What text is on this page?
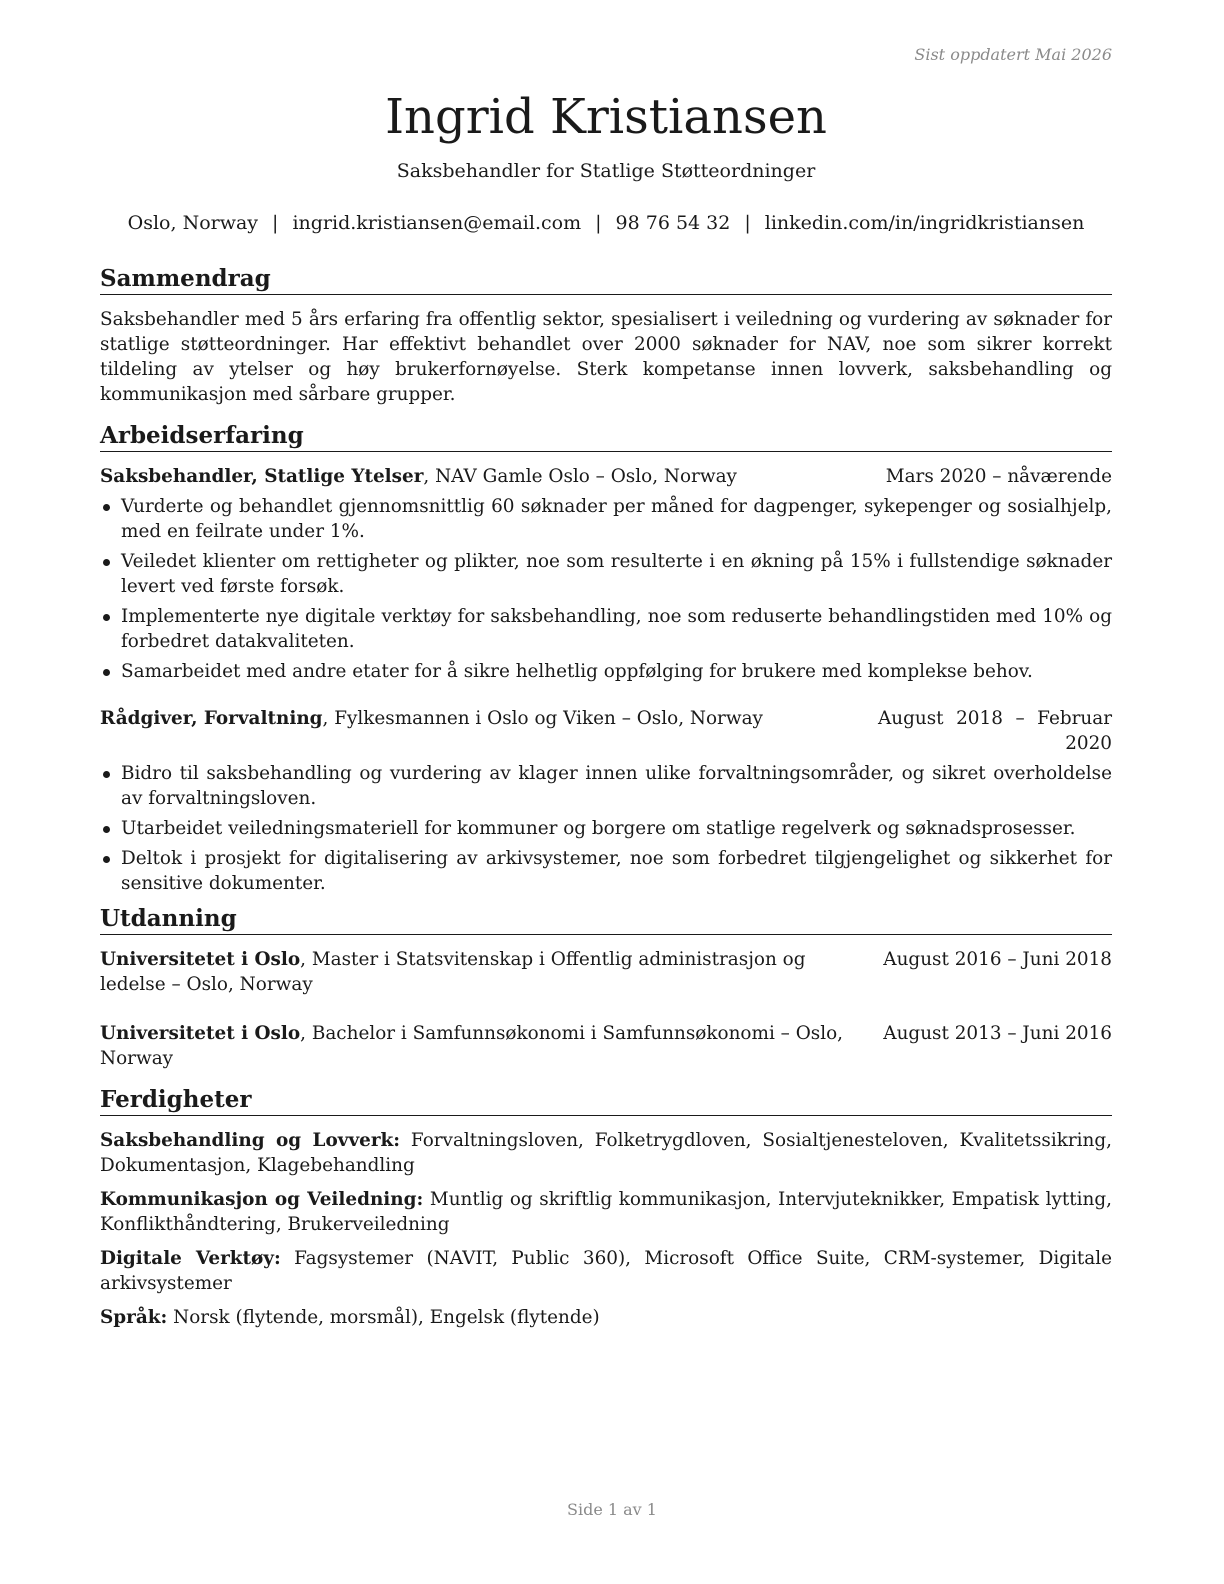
Sist oppdatert Mai 2026
Ingrid Kristiansen
Saksbehandler for Statlige Støtteordninger
Oslo, Norway | ingrid.kristiansen@email.com | 98 76 54 32 | linkedin.com/in/ingridkristiansen
Sammendrag
Saksbehandler med 5 års erfaring fra offentlig sektor, spesialisert i veiledning og vurdering av søknader for statlige støtteordninger. Har effektivt behandlet over 2000 søknader for NAV, noe som sikrer korrekt tildeling av ytelser og høy brukerfornøyelse. Sterk kompetanse innen lovverk, saksbehandling og kommunikasjon med sårbare grupper.
Arbeidserfaring
Saksbehandler, Statlige Ytelser, NAV Gamle Oslo – Oslo, Norway	Mars 2020 – nåværende
Vurderte og behandlet gjennomsnittlig 60 søknader per måned for dagpenger, sykepenger og sosialhjelp, med en feilrate under 1%.
Veiledet klienter om rettigheter og plikter, noe som resulterte i en økning på 15% i fullstendige søknader levert ved første forsøk.
Implementerte nye digitale verktøy for saksbehandling, noe som reduserte behandlingstiden med 10% og forbedret datakvaliteten.
Samarbeidet med andre etater for å sikre helhetlig oppfølging for brukere med komplekse behov.
Rådgiver, Forvaltning, Fylkesmannen i Oslo og Viken – Oslo, Norway	August 2018 – Februar 2020
Bidro til saksbehandling og vurdering av klager innen ulike forvaltningsområder, og sikret overholdelse av forvaltningsloven.
Utarbeidet veiledningsmateriell for kommuner og borgere om statlige regelverk og søknadsprosesser.
Deltok i prosjekt for digitalisering av arkivsystemer, noe som forbedret tilgjengelighet og sikkerhet for sensitive dokumenter.
Utdanning
Universitetet i Oslo, Master i Statsvitenskap i Offentlig administrasjon og ledelse – Oslo, Norway
August 2016 – Juni 2018
Universitetet i Oslo, Bachelor i Samfunnsøkonomi i Samfunnsøkonomi – Oslo, Norway
August 2013 – Juni 2016
Ferdigheter
Saksbehandling og Lovverk: Forvaltningsloven, Folketrygdloven, Sosialtjenesteloven, Kvalitetssikring, Dokumentasjon, Klagebehandling
Kommunikasjon og Veiledning: Muntlig og skriftlig kommunikasjon, Intervjuteknikker, Empatisk lytting, Konflikthåndtering, Brukerveiledning
Digitale Verktøy: Fagsystemer (NAVIT, Public 360), Microsoft Office Suite, CRM-systemer, Digitale arkivsystemer
Språk: Norsk (flytende, morsmål), Engelsk (flytende)
Side 1 av 1
